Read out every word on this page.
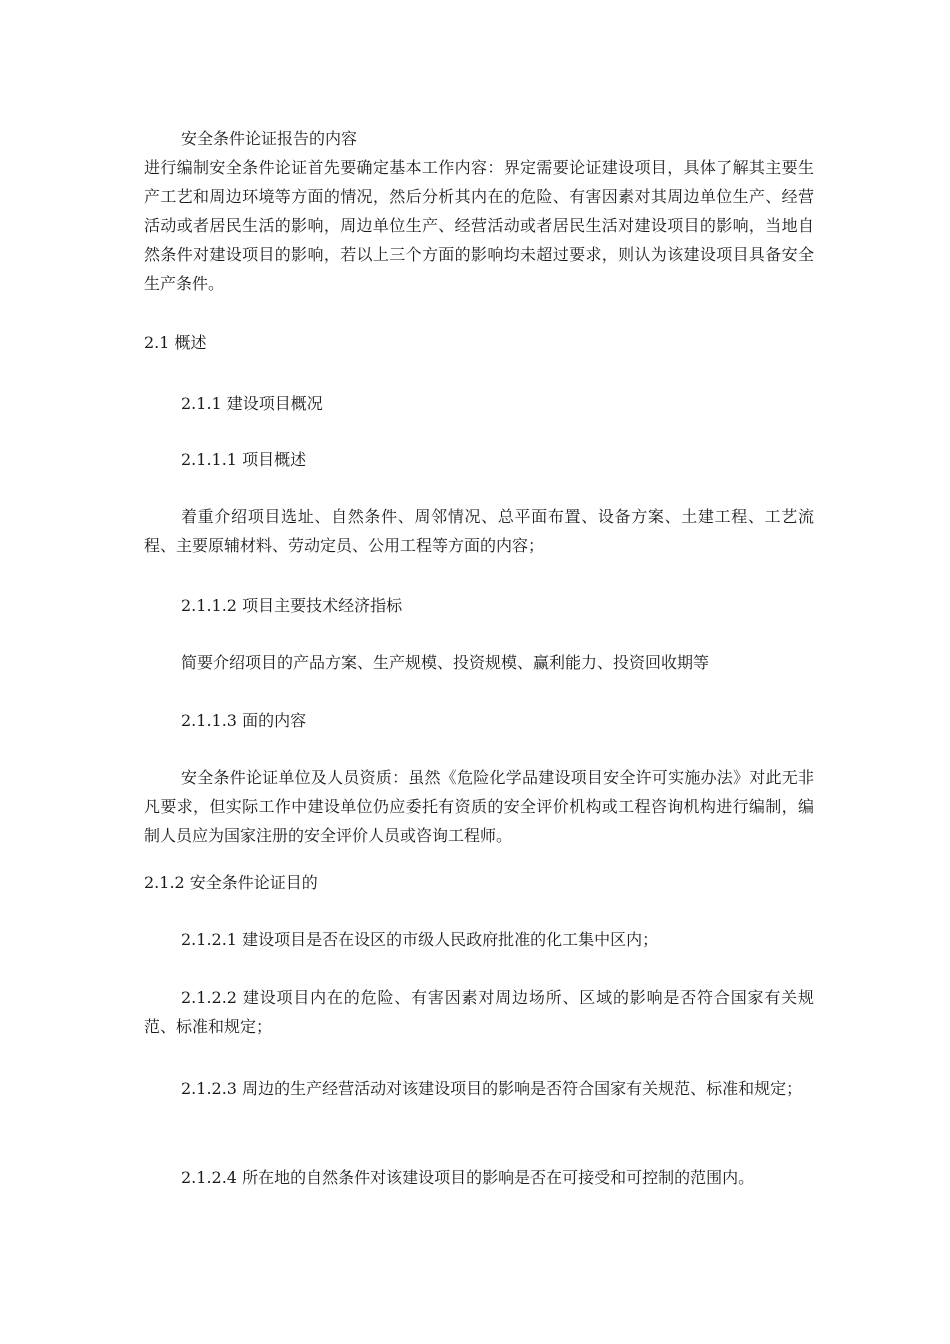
安全条件论证报告的内容

进行编制安全条件论证首先要确定基本工作内容：界定需要论证建设项目，具体了解其主要生产工艺和周边环境等方面的情况，然后分析其内在的危险、有害因素对其周边单位生产、经营活动或者居民生活的影响，周边单位生产、经营活动或者居民生活对建设项目的影响，当地自然条件对建设项目的影响，若以上三个方面的影响均未超过要求，则认为该建设项目具备安全生产条件。

2.1 概述

2.1.1 建设项目概况

2.1.1.1 项目概述

着重介绍项目选址、自然条件、周邻情况、总平面布置、设备方案、土建工程、工艺流程、主要原辅材料、劳动定员、公用工程等方面的内容；

2.1.1.2 项目主要技术经济指标

简要介绍项目的产品方案、生产规模、投资规模、赢利能力、投资回收期等

2.1.1.3 面的内容

安全条件论证单位及人员资质：虽然《危险化学品建设项目安全许可实施办法》对此无非凡要求，但实际工作中建设单位仍应委托有资质的安全评价机构或工程咨询机构进行编制，编制人员应为国家注册的安全评价人员或咨询工程师。

2.1.2 安全条件论证目的

2.1.2.1 建设项目是否在设区的市级人民政府批准的化工集中区内；

2.1.2.2 建设项目内在的危险、有害因素对周边场所、区域的影响是否符合国家有关规范、标准和规定；

2.1.2.3 周边的生产经营活动对该建设项目的影响是否符合国家有关规范、标准和规定；

2.1.2.4 所在地的自然条件对该建设项目的影响是否在可接受和可控制的范围内。
